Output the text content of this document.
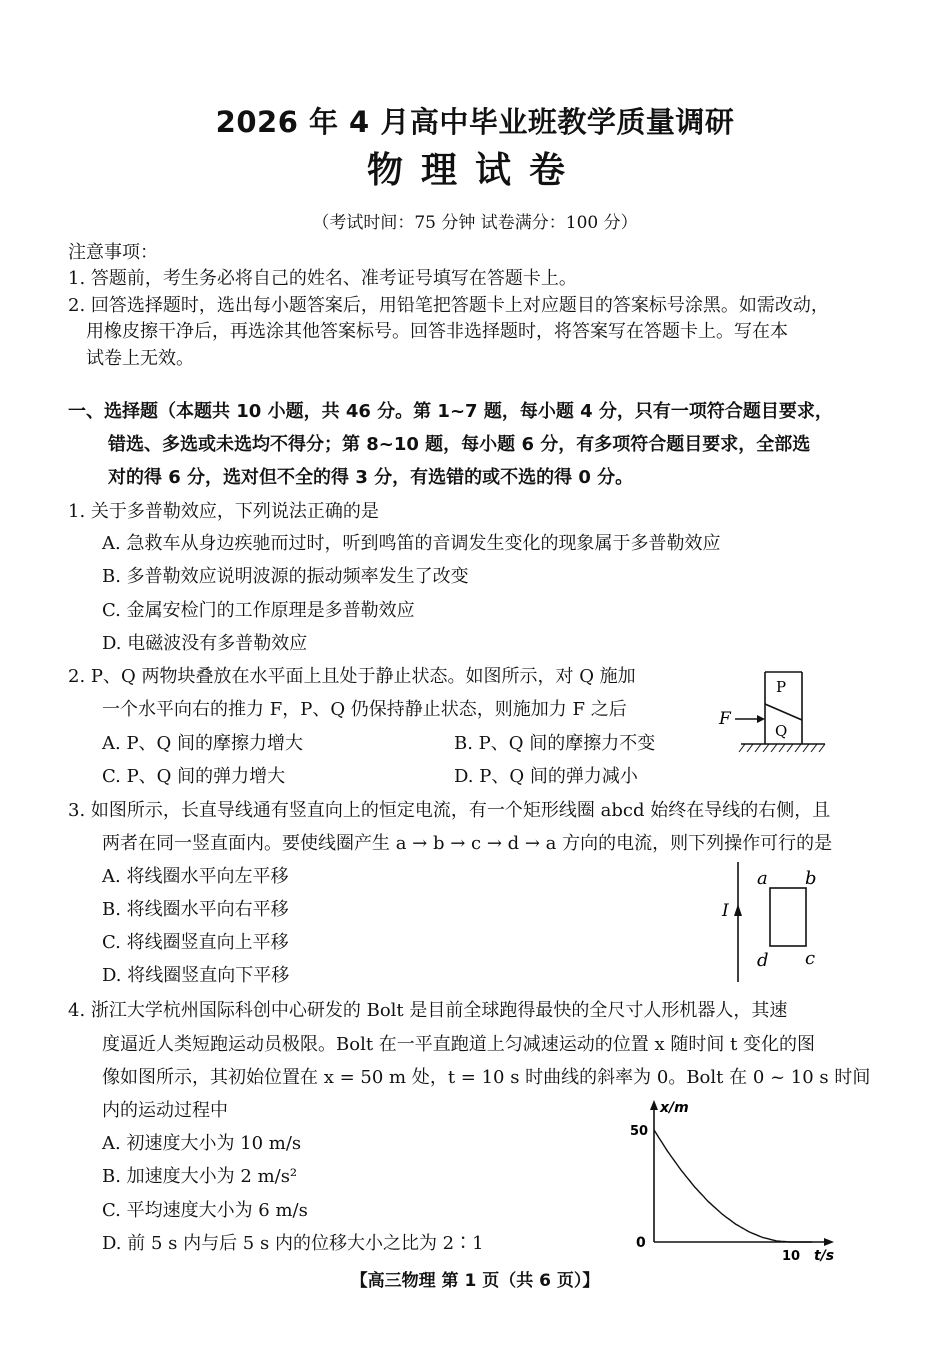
2026 年 4 月高中毕业班教学质量调研
物理试卷
（考试时间：75 分钟 试卷满分：100 分）
注意事项：
1. 答题前，考生务必将自己的姓名、准考证号填写在答题卡上。
2. 回答选择题时，选出每小题答案后，用铅笔把答题卡上对应题目的答案标号涂黑。如需改动，
用橡皮擦干净后，再选涂其他答案标号。回答非选择题时，将答案写在答题卡上。写在本
试卷上无效。
一、选择题（本题共 10 小题，共 46 分。第 1~7 题，每小题 4 分，只有一项符合题目要求，
错选、多选或未选均不得分；第 8~10 题，每小题 6 分，有多项符合题目要求，全部选
对的得 6 分，选对但不全的得 3 分，有选错的或不选的得 0 分。
1. 关于多普勒效应，下列说法正确的是
A. 急救车从身边疾驰而过时，听到鸣笛的音调发生变化的现象属于多普勒效应
B. 多普勒效应说明波源的振动频率发生了改变
C. 金属安检门的工作原理是多普勒效应
D. 电磁波没有多普勒效应
2. P、Q 两物块叠放在水平面上且处于静止状态。如图所示，对 Q 施加
一个水平向右的推力 F，P、Q 仍保持静止状态，则施加力 F 之后
A. P、Q 间的摩擦力增大	B. P、Q 间的摩擦力不变
C. P、Q 间的弹力增大	D. P、Q 间的弹力减小
F
P
Q
3. 如图所示，长直导线通有竖直向上的恒定电流，有一个矩形线圈 abcd 始终在导线的右侧，且
两者在同一竖直面内。要使线圈产生 a → b → c → d → a 方向的电流，则下列操作可行的是
A. 将线圈水平向左平移
B. 将线圈水平向右平移
C. 将线圈竖直向上平移
D. 将线圈竖直向下平移
I
a b
c
d
4. 浙江大学杭州国际科创中心研发的 Bolt 是目前全球跑得最快的全尺寸人形机器人，其速
度逼近人类短跑运动员极限。Bolt 在一平直跑道上匀减速运动的位置 x 随时间 t 变化的图
像如图所示，其初始位置在 x = 50 m 处，t = 10 s 时曲线的斜率为 0。Bolt 在 0 ~ 10 s 时间
内的运动过程中
A. 初速度大小为 10 m/s
B. 加速度大小为 2 m/s²
C. 平均速度大小为 6 m/s
D. 前 5 s 内与后 5 s 内的位移大小之比为 2∶1
x/m
t/s
0
50
10
【高三物理 第 1 页（共 6 页）】
